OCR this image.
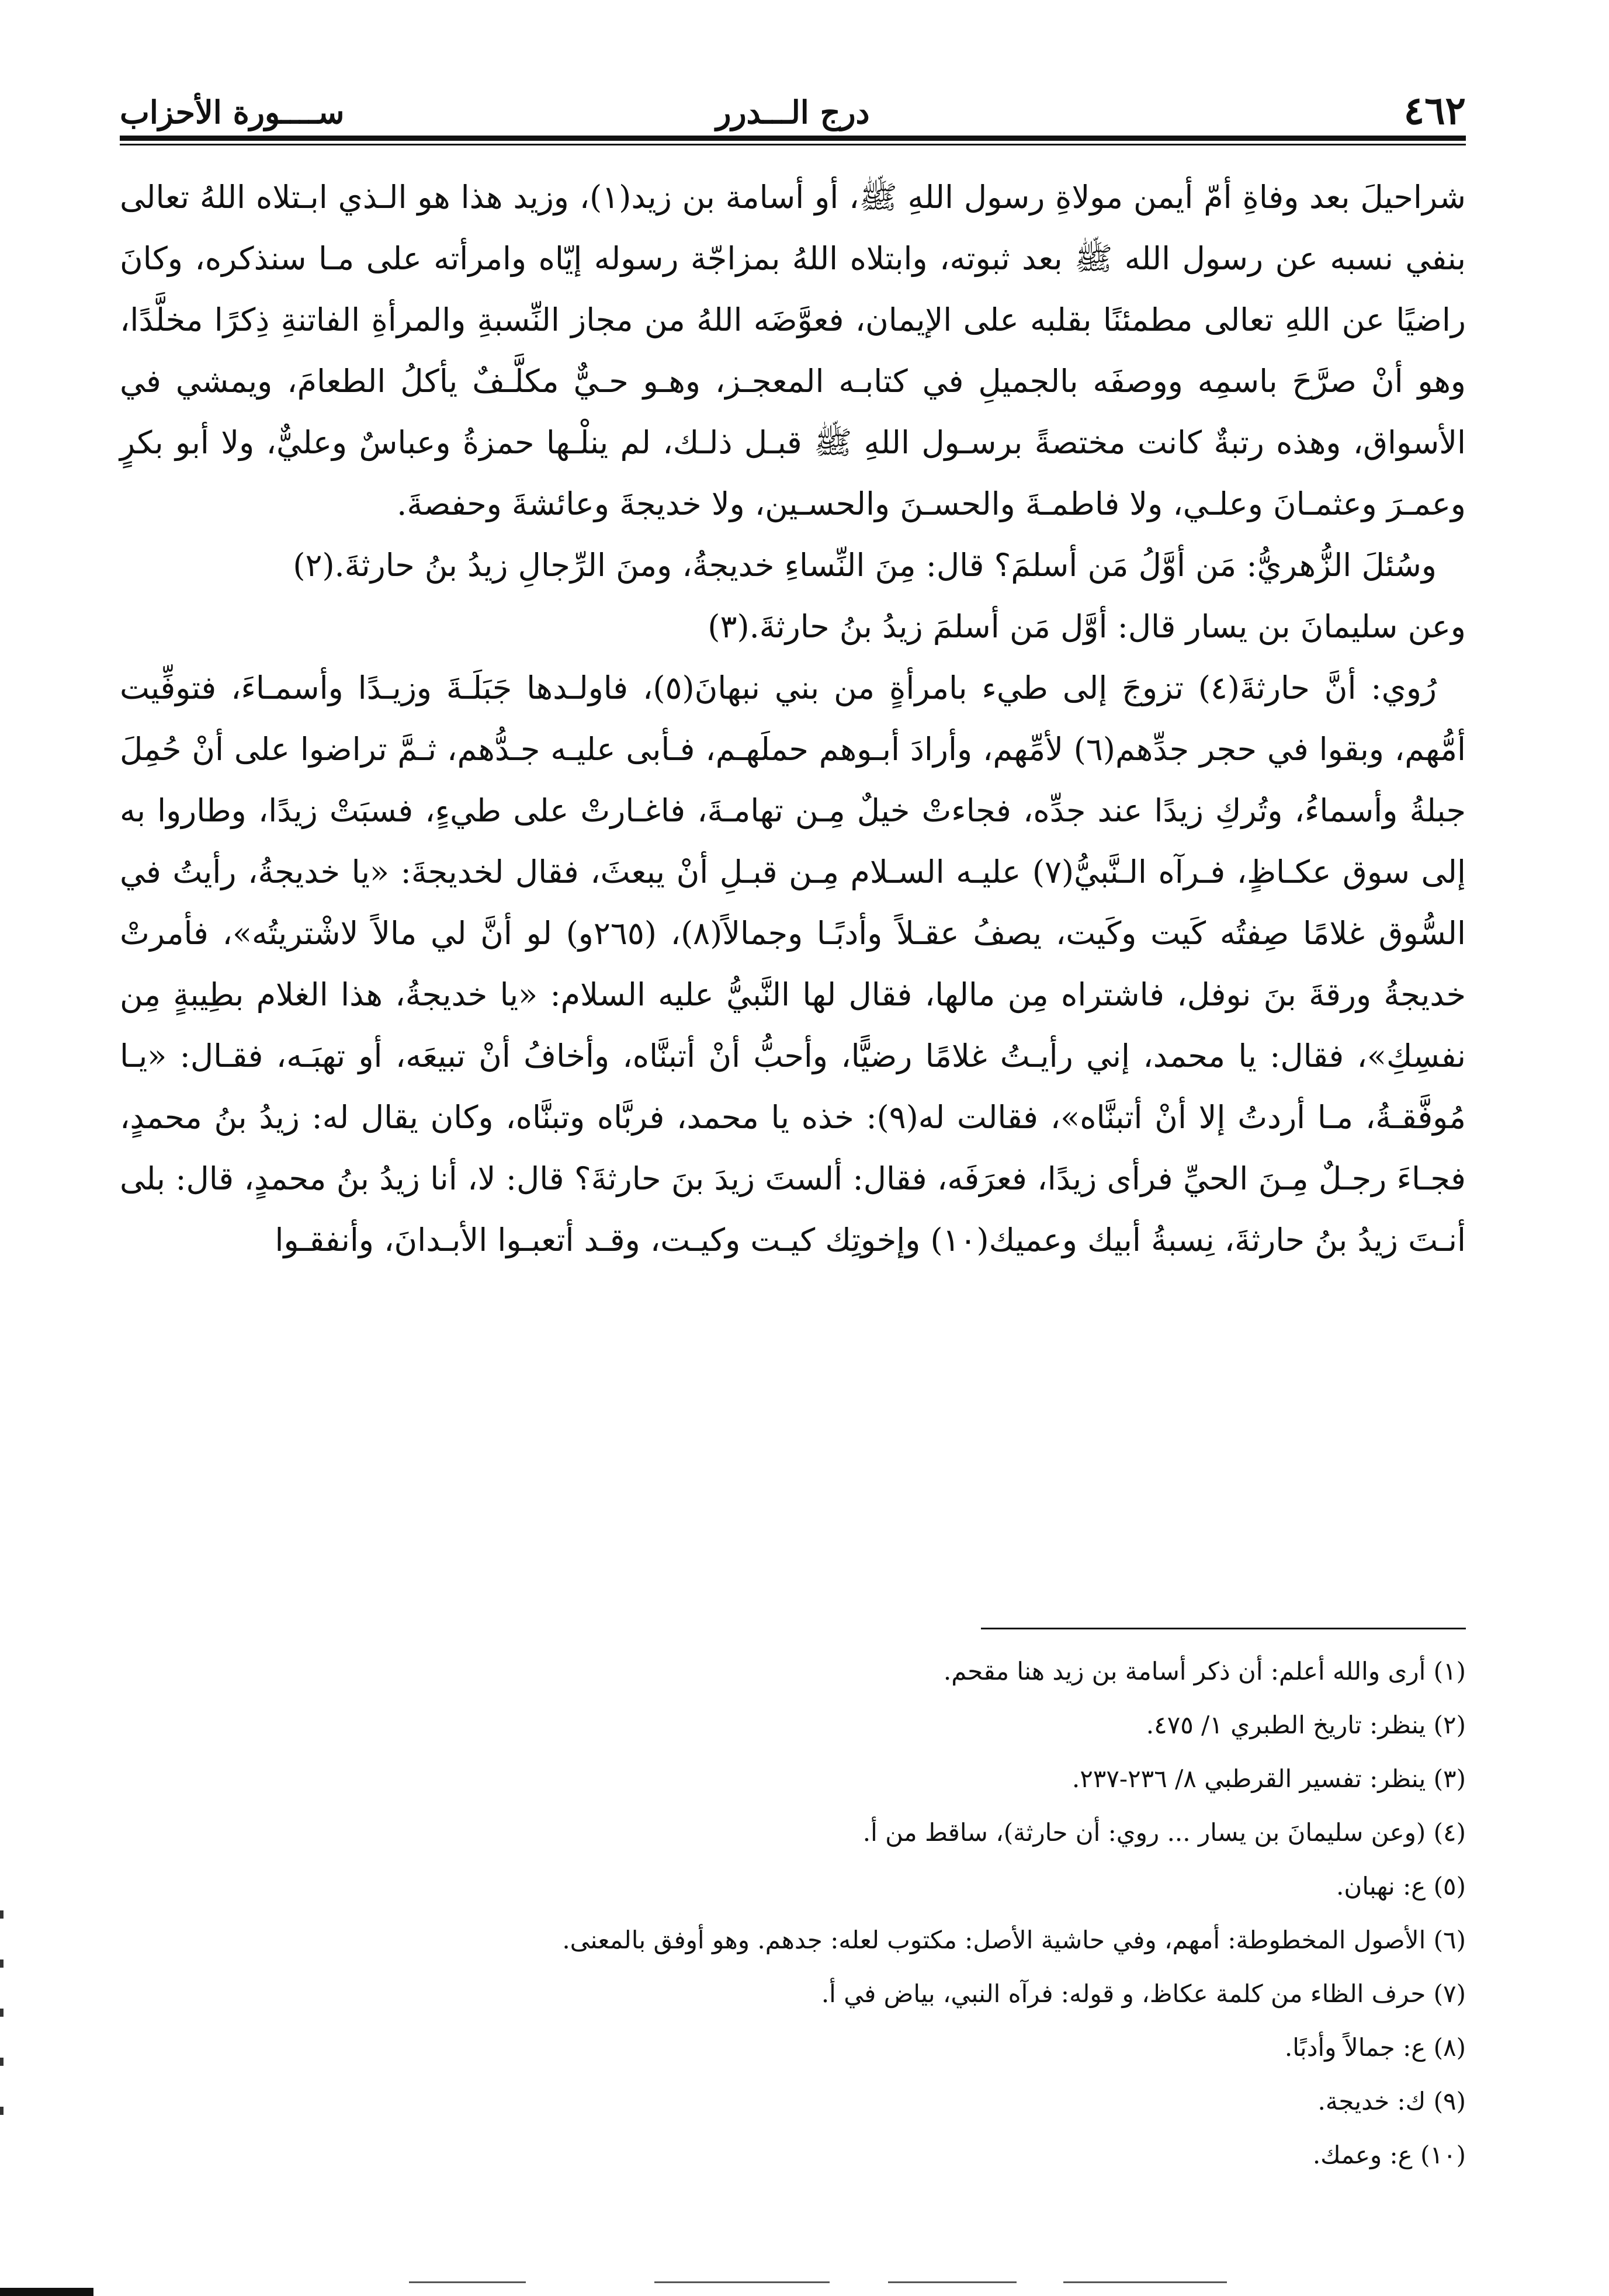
٤٦٢
درج الـــدرر
ســــورة الأحزاب

شراحيلَ بعد وفاةِ أمّ أيمن مولاةِ رسول اللهِ ﷺ، أو أسامة بن زيد(١)، وزيد هذا هو الـذي ابـتلاه اللهُ تعالى بنفي نسبه عن رسول الله ﷺ بعد ثبوته، وابتلاه اللهُ بمزاجّة رسوله إيّاه وامرأته على مـا سنذكره، وكانَ راضيًا عن اللهِ تعالى مطمئنًا بقلبه على الإيمان، فعوَّضَه اللهُ من مجاز النِّسبةِ والمرأةِ الفاتنةِ ذِكرًا مخلَّدًا، وهو أنْ صرَّحَ باسمِه ووصفَه بالجميلِ في كتابـه المعجـز، وهـو حـيٌّ مكلَّـفٌ يأكلُ الطعامَ، ويمشي في الأسواق، وهذه رتبةٌ كانت مختصةً برسـول اللهِ ﷺ قبـل ذلـك، لم ينلْـها حمزةُ وعباسٌ وعليٌّ، ولا أبو بكرٍ وعمـرَ وعثمـانَ وعلـي، ولا فاطمـةَ والحسـنَ والحسـين، ولا خديجةَ وعائشةَ وحفصةَ.

وسُئلَ الزُّهريُّ: مَن أوَّلُ مَن أسلمَ؟ قال: مِنَ النِّساءِ خديجةُ، ومنَ الرِّجالِ زيدُ بنُ حارثةَ.(٢)

وعن سليمانَ بن يسار قال: أوَّل مَن أسلمَ زيدُ بنُ حارثةَ.(٣)

رُوي: أنَّ حارثةَ(٤) تزوجَ إلى طيء بامرأةٍ من بني نبهانَ(٥)، فاولـدها جَبَلَـةَ وزيـدًا وأسمـاءَ، فتوفِّيت أمُّهم، وبقوا في حجر جدِّهم(٦) لأمِّهم، وأرادَ أبـوهم حملَهـم، فـأبى عليـه جـدُّهم، ثـمَّ تراضوا على أنْ حُمِلَ جبلةُ وأسماءُ، وتُركِ زيدًا عند جدِّه، فجاءتْ خيلٌ مِـن تهامـةَ، فاغـارتْ على طيءٍ، فسبَتْ زيدًا، وطاروا به إلى سوق عكـاظٍ، فـرآه الـنَّبيُّ(٧) عليـه السـلام مِـن قبـلِ أنْ يبعثَ، فقال لخديجةَ: «يا خديجةُ، رأيتُ في السُّوق غلامًا صِفتُه كَيت وكَيت، يصفُ عقـلاً وأدبًـا وجمالاً(٨)، (٢٦٥و) لو أنَّ لي مالاً لاشْتريتُه»، فأمرتْ خديجةُ ورقةَ بنَ نوفل، فاشتراه مِن مالها، فقال لها النَّبيُّ عليه السلام: «يا خديجةُ، هذا الغلام بطِيبةٍ مِن نفسِكِ»، فقال: يا محمد، إني رأيـتُ غلامًا رضيًّا، وأحبُّ أنْ أتبنَّاه، وأخافُ أنْ تبيعَه، أو تهبَـه، فقـال: «يـا مُوفَّقـةُ، مـا أردتُ إلا أنْ أتبنَّاه»، فقالت له(٩): خذه يا محمد، فربَّاه وتبنَّاه، وكان يقال له: زيدُ بنُ محمدٍ، فجـاءَ رجـلٌ مِـنَ الحيِّ فرأى زيدًا، فعرَفَه، فقال: ألستَ زيدَ بنَ حارثةَ؟ قال: لا، أنا زيدُ بنُ محمدٍ، قال: بلى أنـتَ زيدُ بنُ حارثةَ، نِسبةُ أبيك وعميك(١٠) وإخوتِك كيـت وكيـت، وقـد أتعبـوا الأبـدانَ، وأنفقـوا

(١) أرى والله أعلم: أن ذكر أسامة بن زيد هنا مقحم.

(٢) ينظر: تاريخ الطبري ١/ ٤٧٥.

(٣) ينظر: تفسير القرطبي ٨/ ٢٣٦-٢٣٧.

(٤) (وعن سليمانَ بن يسار ... روي: أن حارثة)، ساقط من أ.

(٥) ع: نهبان.

(٦) الأصول المخطوطة: أمهم، وفي حاشية الأصل: مكتوب لعله: جدهم. وهو أوفق بالمعنى.

(٧) حرف الظاء من كلمة عكاظ، و قوله: فرآه النبي، بياض في أ.

(٨) ع: جمالاً وأدبًا.

(٩) ك: خديجة.

(١٠) ع: وعمك.
